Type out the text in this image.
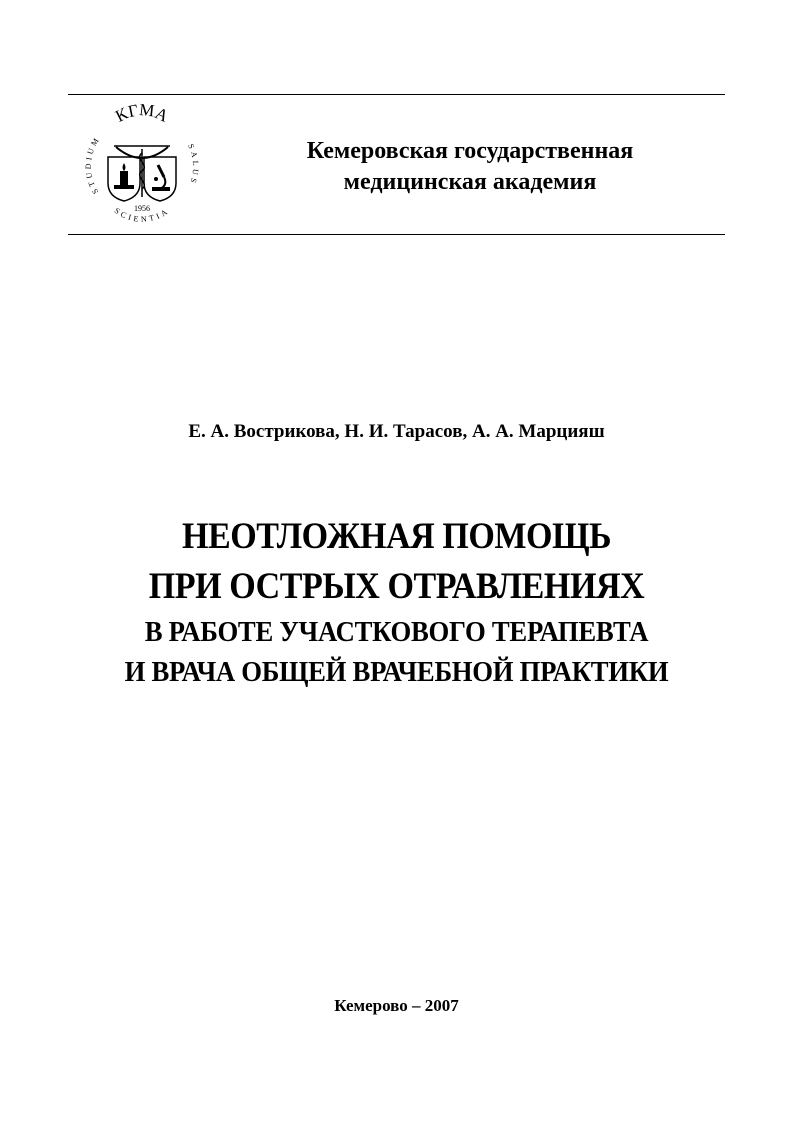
КГМА
STUDIUM
SALUS
SCIENTIA
1956
Кемеровская государственная
медицинская академия
Е. А. Вострикова, Н. И. Тарасов, А. А. Марцияш
НЕОТЛОЖНАЯ ПОМОЩЬ
ПРИ ОСТРЫХ ОТРАВЛЕНИЯХ
В РАБОТЕ УЧАСТКОВОГО ТЕРАПЕВТА
И ВРАЧА ОБЩЕЙ ВРАЧЕБНОЙ ПРАКТИКИ
Кемерово – 2007
